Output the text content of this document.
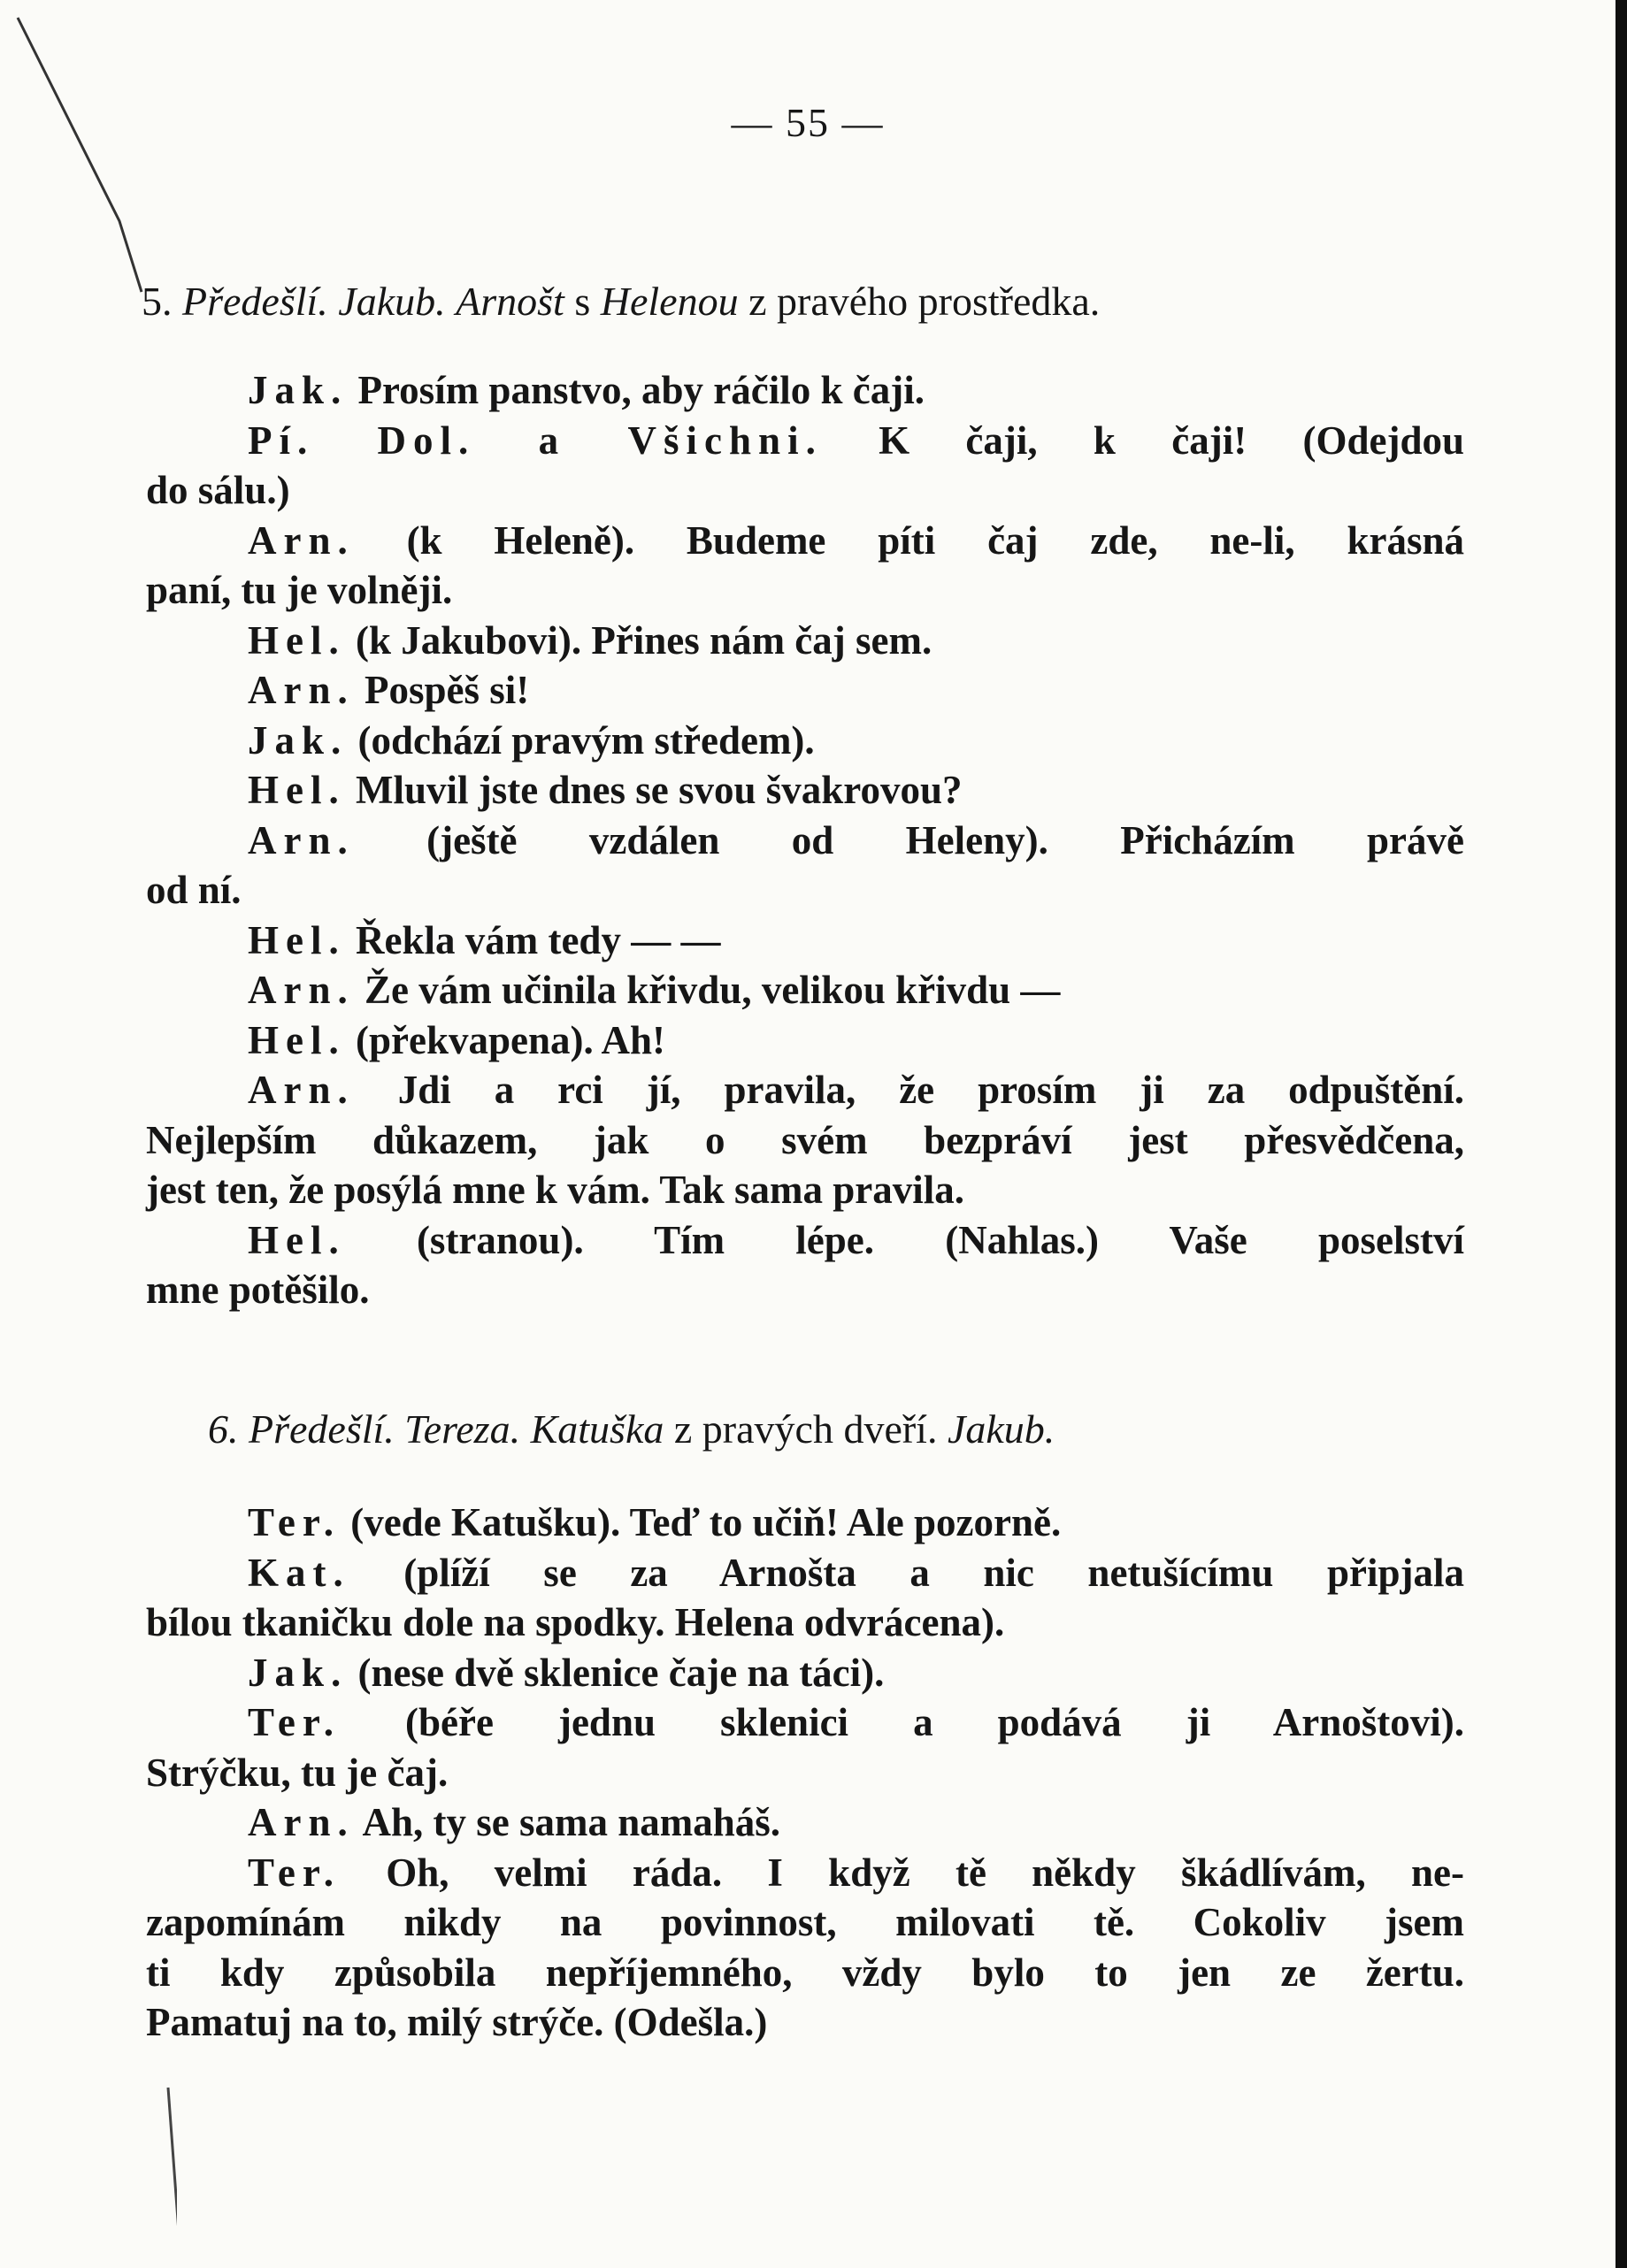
— 55 —
5. Předešlí. Jakub. Arnošt s Helenou z pravého prostředka.
Jak. Prosím panstvo, aby ráčilo k čaji.
Pí. Dol. a Všichni. K čaji, k čaji! (Odejdou
do sálu.)
Arn. (k Heleně). Budeme píti čaj zde, ne-li, krásná
paní, tu je volněji.
Hel. (k Jakubovi). Přines nám čaj sem.
Arn. Pospěš si!
Jak. (odchází pravým středem).
Hel. Mluvil jste dnes se svou švakrovou?
Arn. (ještě vzdálen od Heleny). Přicházím právě
od ní.
Hel. Řekla vám tedy — —
Arn. Že vám učinila křivdu, velikou křivdu —
Hel. (překvapena). Ah!
Arn. Jdi a rci jí, pravila, že prosím ji za odpuštění.
Nejlepším důkazem, jak o svém bezpráví jest přesvědčena,
jest ten, že posýlá mne k vám. Tak sama pravila.
Hel. (stranou). Tím lépe. (Nahlas.) Vaše poselství
mne potěšilo.
6. Předešlí. Tereza. Katuška z pravých dveří. Jakub.
Ter. (vede Katušku). Teď to učiň! Ale pozorně.
Kat. (plíží se za Arnošta a nic netušícímu připjala
bílou tkaničku dole na spodky. Helena odvrácena).
Jak. (nese dvě sklenice čaje na táci).
Ter. (béře jednu sklenici a podává ji Arnoštovi).
Strýčku, tu je čaj.
Arn. Ah, ty se sama namaháš.
Ter. Oh, velmi ráda. I když tě někdy škádlívám, ne-
zapomínám nikdy na povinnost, milovati tě. Cokoliv jsem
ti kdy způsobila nepříjemného, vždy bylo to jen ze žertu.
Pamatuj na to, milý strýče. (Odešla.)
